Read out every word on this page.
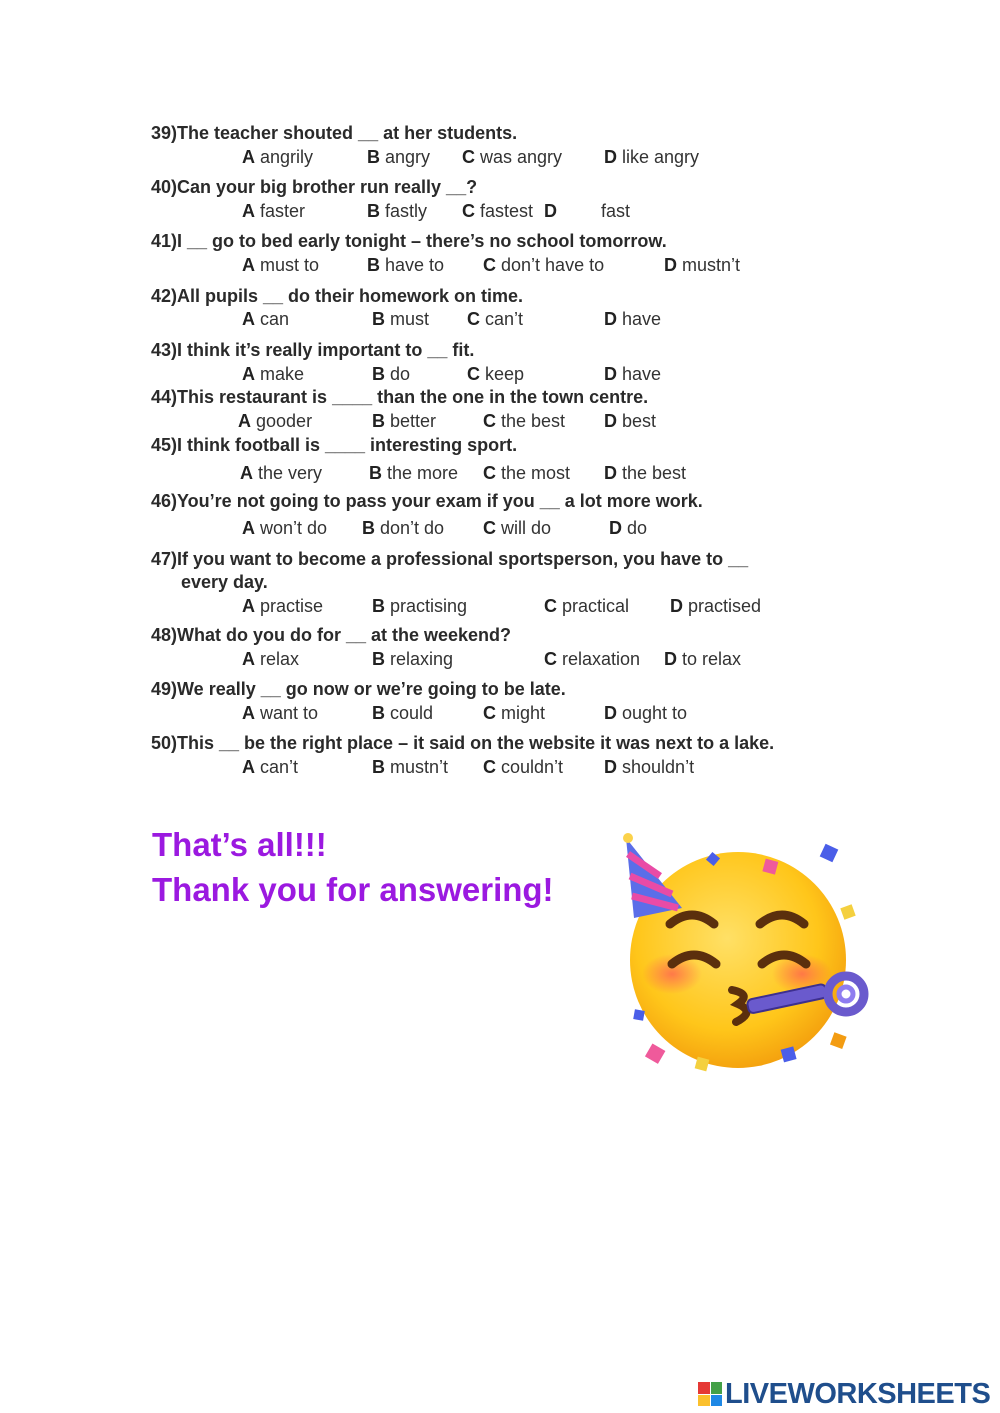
39)The teacher shouted __ at her students.
A angrily	B angry C was angry D like angry
40)Can your big brother run really __?
A faster	B fastly C fastest D fast
41)I __ go to bed early tonight – there’s no school tomorrow.
A must to	B have to C don’t have to	D mustn’t
42)All pupils __ do their homework on time.
A can	B must C can’t	D have
43)I think it’s really important to __ fit.
A make	B do	C keep	D have
44)This restaurant is ____ than the one in the town centre.
A gooder	B better	C the best D best
45)I think football is ____ interesting sport.
A the very	B the more C the most D the best
46)You’re not going to pass your exam if you __ a lot more work.
A won’t do B don’t do C will do	D do
47)If you want to become a professional sportsperson, you have to __
every day.
A practise	B practising	C practical D practised
48)What do you do for __ at the weekend?
A relax	B relaxing	C relaxation D to relax
49)We really __ go now or we’re going to be late.
A want to	B could	C might	D ought to
50)This __ be the right place – it said on the website it was next to a lake.
A can’t	B mustn’t C couldn’t D shouldn’t
That’s all!!!
Thank you for answering!
LIVEWORKSHEETS
